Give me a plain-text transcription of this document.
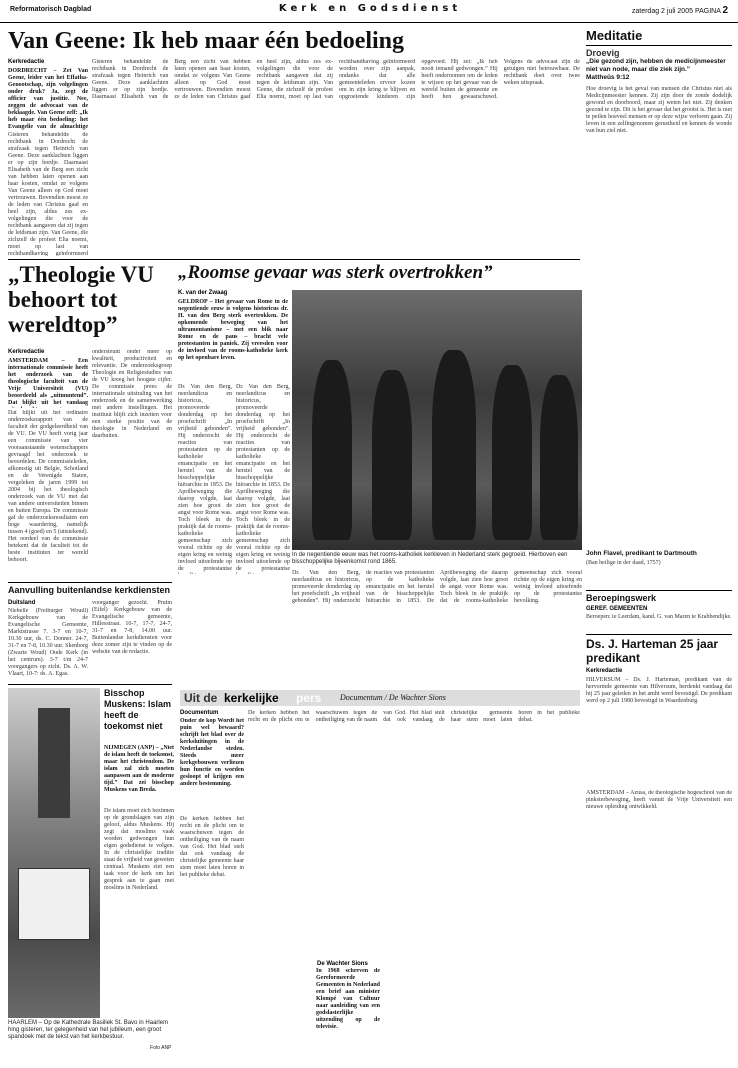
Reformatorisch Dagblad	Kerk en Godsdienst	zaterdag 2 juli 2005 PAGINA 2
Van Geene: Ik heb maar één bedoeling
Kerkredactie
DORDRECHT – Zet Van Geene, leider van het Effatha-Genootschap, zijn volgelingen onder druk? Ja, zegt de officier van justitie. Nee, zeggen de advocaat van de beklaagde. Van Geene zelf: „Ik heb maar één bedoeling: het Evangelie van de almachtige
Gisteren behandelde de rechtbank in Dordrecht de strafzaak tegen Heinrich van Geene. Deze aanklachten liggen er op zijn bordje. Daarnaast Elisabeth van de Berg een zicht van hebben laten openen aan haar kosten, omdat ze volgens Van Geene alleen op God moet vertrouwen. Bovendien moest ze de leden van Christus gaaf en heel zijn, aldus zes ex-volgelingen die voor de rechtbank aangaven dat zij tegen de leidsman zijn. Van Geene, die zichzelf de profeet Elia noemt, moet op last van rechthandhaving geïnformeerd
Gisteren behandelde de rechtbank in Dordrecht de strafzaak tegen Heinrich van Geene. Deze aanklachten liggen er op zijn bordje. Daarnaast Elisabeth van de Berg een zicht van hebben laten openen aan haar kosten, omdat ze volgens Van Geene alleen op God moet vertrouwen. Bovendien moest ze de leden van Christus gaaf en heel zijn, aldus zes ex-volgelingen die voor de rechtbank aangaven dat zij tegen de leidsman zijn. Van Geene, die zichzelf de profeet Elia noemt, moet op last van rechthandhaving geïnformeerd worden over zijn aanpak, ondanks dat alle gemeenteleden ervoor kozen om in zijn kring te blijven en opgroeiende kinderen zijn opgevoed. Hij zei: „Ik heb nooit iemand gedwongen.” Hij heeft ondernomen om de leden te wijzen op het gevaar van de wereld buiten de gemeente en heeft hen gewaarschuwd. Volgens de advocaat zijn de getuigen niet betrouwbaar. De rechtbank doet over twee weken uitspraak.
„Theologie VU behoort tot wereldtop”
Kerkredactie
AMSTERDAM – Een internationale commissie heeft het onderzoek van de theologische faculteit van de Vrije Universiteit (VU) beoordeeld als „uitmuntend”. Dat blijkt uit het vandaag
Dat blijkt uit het ordinaire onderzoeksrapport van de faculteit der godgeleerdheid van de VU. De VU heeft vorig jaar een commissie van vier vooraanstaande wetenschappers gevraagd het onderzoek te beoordelen. De commissieleden, afkomstig uit Belgie, Schotland en de Verenigde Staten, vergeleken de jaren 1999 tot 2004 bij het theologisch onderzoek van de VU met dat van andere universiteiten binnen en buiten Europa. De commissie gaf de onderzoeksresultaten een hoge waardering, namelijk tussen 4 (goed) en 5 (uitstekend). Het oordeel van de commissie betekent dat de faculteit tot de beste instituten ter wereld behoort.
ondersteunt onder meer op kwaliteit, productiviteit en relevantie. De onderzoeksgroep Theologie en Religiestudies van de VU kreeg het hoogste cijfer. De commissie prees de internationale uitstraling van het onderzoek en de samenwerking met andere instellingen. Het instituut blijft zich inzetten voor een sterke positie van de theologie in Nederland en daarbuiten.
Aanvulling buitenlandse kerkdiensten
Duitsland
Niebelle (Freiburger Woudl) Kerkgebouw van de Evangelische Gemeente, Marktstrasse 7. 3-7 en 10-7, 10.30 uur, ds. C. Donner. 24-7, 31-7 en 7-8, 10.30 uur. Skenborg (Zwarte Woud) Oude Kerk (in het centrum). 3-7 t/m 24-7 voorgangers op zicht. Ds. A. W. Vlaart, 10-7: ds. A. Egas.
voorganger gezocht. Pruim (Eifel) Kerkgebouw van de Evangelische gemeente, Hillesstraat. 10-7, 17-7, 24-7, 31-7 en 7-8, 14.00 uur. Buitenlandse kerkdiensten voor deze zomer zijn te vinden op de website van de redactie.
„Roomse gevaar was sterk overtrokken”
K. van der Zwaag
GELDROP – Het gevaar van Rome in de negentiende eeuw is volgens historicus dr. H. van den Berg sterk overtrokken. De opkomende beweging van het ultramontanisme – met een blik naar Rome en de paus – bracht vele protestanten in paniek. Zij vreesden voor de invloed van de rooms-katholieke kerk op het openbare leven.
Dr. Van den Berg, neerlandicus en historicus, promoveerde donderdag op het proefschrift „In vrijheid gebonden”. Hij onderzocht de reacties van protestanten op de katholieke emancipatie en het herstel van de bisschoppelijke hiërarchie in 1853. De Aprilbeweging die daarop volgde, laat zien hoe groot de angst voor Rome was. Toch bleek in de praktijk dat de rooms-katholieke gemeenschap zich vooral richtte op de eigen kring en weinig invloed uitoefende op de protestantse
Dr. Van den Berg, neerlandicus en historicus, promoveerde donderdag op het proefschrift „In vrijheid gebonden”. Hij onderzocht de reacties van protestanten op de katholieke emancipatie en het herstel van de bisschoppelijke hiërarchie in 1853. De Aprilbeweging die daarop volgde, laat zien hoe groot de angst voor Rome was. Toch bleek in de praktijk dat de rooms-katholieke gemeenschap zich vooral richtte op de eigen kring en weinig invloed uitoefende op de protestantse
In de negentiende eeuw was het rooms-katholiek kerkleven in Nederland sterk gegroeid. Hierboven een bisschoppelijke bijeenkomst rond 1865.
Dr. Van den Berg, neerlandicus en historicus, promoveerde donderdag op het proefschrift „In vrijheid gebonden”. Hij onderzocht de reacties van protestanten op de katholieke emancipatie en het herstel van de bisschoppelijke hiërarchie in 1853. De Aprilbeweging die daarop volgde, laat zien hoe groot de angst voor Rome was. Toch bleek in de praktijk dat de rooms-katholieke gemeenschap zich vooral richtte op de eigen kring en weinig invloed uitoefende op de protestantse bevolking.
Bisschop Muskens: Islam heeft de toekomst niet
NIJMEGEN (ANP) – „Niet de islam heeft de toekomst, maar het christendom. De islam zal zich moeten aanpassen aan de moderne tijd.” Dat zei bisschop Muskens van Breda.
De islam moet zich bezinnen op de grondslagen van zijn geloof, aldus Muskens. Hij zegt dat moslims vaak worden gedwongen hun eigen godsdienst te volgen. In de christelijke traditie staat de vrijheid van geweten centraal. Muskens ziet een taak voor de kerk om het gesprek aan te gaan met moslims in Nederland.
HAARLEM – Op de Kathedrale Basiliek St. Bavo in Haarlem hing gisteren, ter gelegenheid van het jubileum, een groot spandoek met de tekst van het kerkbestuur.
Foto ANP
Uit de kerkelijke pers Documentum / De Wachter Sions
Documentum
Onder de kop Wordt het puin wel bewaard? schrijft het blad over de kerksluitingen in de Nederlandse steden. Steeds meer kerkgebouwen verliezen hun functie en worden gesloopt of krijgen een andere bestemming.
De kerken hebben het recht en de plicht om te waarschuwen tegen de ontheiliging van de naam van God. Het blad stelt dat ook vandaag de christelijke gemeente haar stem moet laten horen in het publieke debat.
De kerken hebben het recht en de plicht om te waarschuwen tegen de ontheiliging van de naam van God. Het blad stelt dat ook vandaag de christelijke gemeente haar stem moet laten horen in het publieke debat.
De Wachter Sions
In 1968 schreven de Gereformeerde Gemeenten in Nederland een brief aan minister Klompé van Cultuur naar aanleiding van een godslasterlijke uitzending op de televisie.
Meditatie
Droevig
„Die gezond zijn, hebben de medicijnmeester niet van node, maar die ziek zijn.”
Mattheüs 9:12
Hoe droevig is het geval van mensen die Christus niet als Medicijnmeester kennen. Zij zijn door de zonde dodelijk gewond en doorboord, maar zij weten het niet. Zij denken gezond te zijn. Dit is het gevaar dat het grootst is. Het is niet te peilen hoeveel mensen er op deze wijze verloren gaan. Zij leven in een zelfingenomen gerustheid en kennen de wonde van hun ziel niet.
John Flavel, predikant te Dartmouth
(Ban heilige in der daad, 1757)
Beroepingswerk
GEREF. GEMEENTEN
Beroepen: te Leerdam, kand. G. van Maren te Krabbendijke.
Ds. J. Harteman 25 jaar predikant
Kerkredactie
HILVERSUM – Ds. J. Harteman, predikant van de hervormde gemeente van Hilversum, herdenkt vandaag dat hij 25 jaar geleden in het ambt werd bevestigd. De predikant werd op 2 juli 1980 bevestigd in Waardenburg.
AMSTERDAM – Azusa, de theologische hogeschool van de pinksterbeweging, heeft vanuit de Vrije Universiteit een nieuwe opleiding ontwikkeld.
